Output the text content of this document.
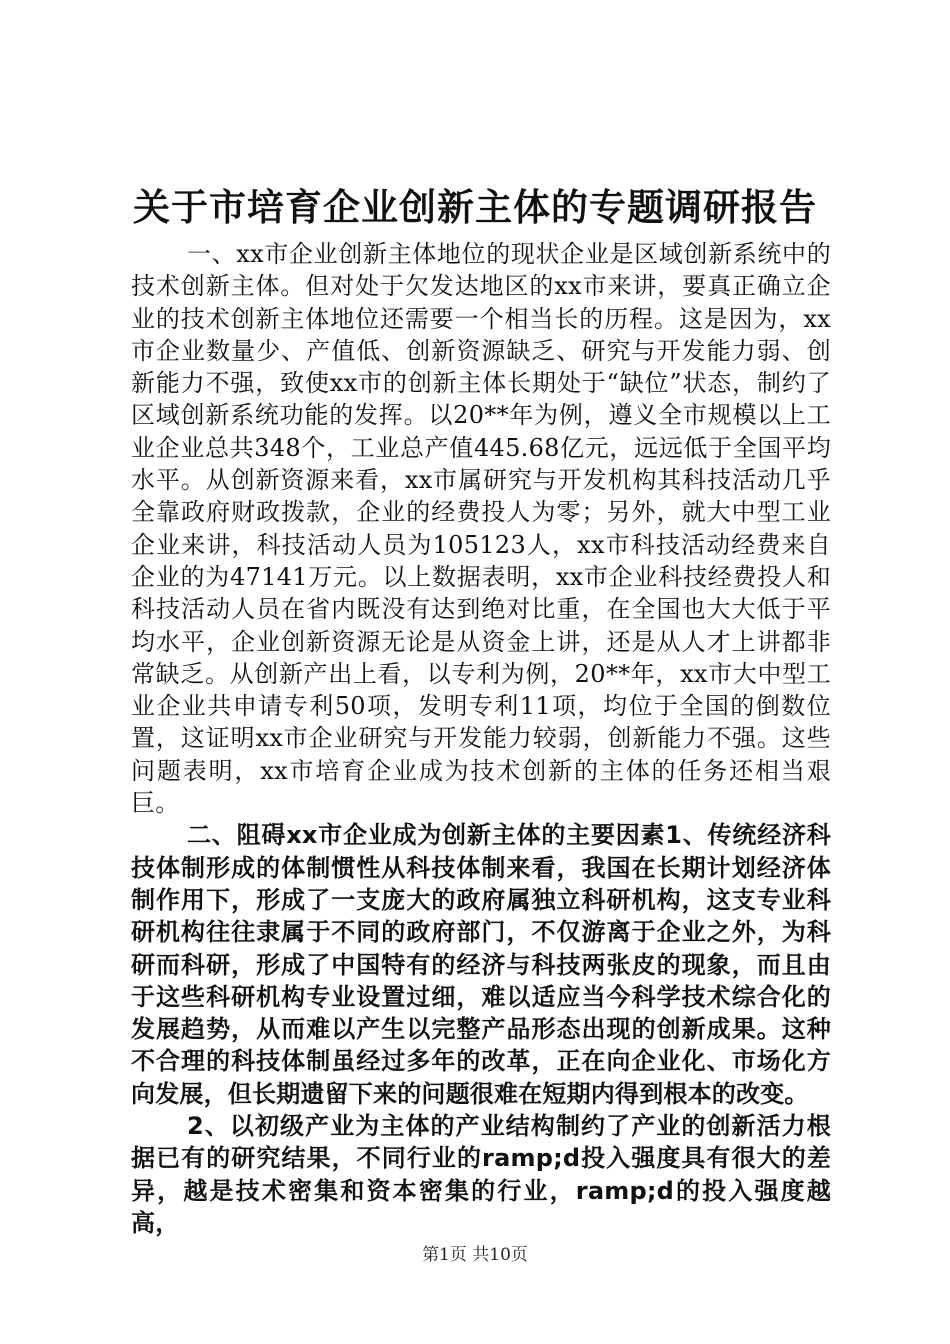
关于市培育企业创新主体的专题调研报告

一、xx市企业创新主体地位的现状企业是区域创新系统中的技术创新主体。但对处于欠发达地区的xx市来讲，要真正确立企业的技术创新主体地位还需要一个相当长的历程。这是因为，xx市企业数量少、产值低、创新资源缺乏、研究与开发能力弱、创新能力不强，致使xx市的创新主体长期处于“缺位”状态，制约了区域创新系统功能的发挥。以20**年为例，遵义全市规模以上工业企业总共348个，工业总产值445.68亿元，远远低于全国平均水平。从创新资源来看，xx市属研究与开发机构其科技活动几乎全靠政府财政拨款，企业的经费投人为零；另外，就大中型工业企业来讲，科技活动人员为105123人，xx市科技活动经费来自企业的为47141万元。以上数据表明，xx市企业科技经费投人和科技活动人员在省内既没有达到绝对比重，在全国也大大低于平均水平，企业创新资源无论是从资金上讲，还是从人才上讲都非常缺乏。从创新产出上看，以专利为例，20**年，xx市大中型工业企业共申请专利50项，发明专利11项，均位于全国的倒数位置，这证明xx市企业研究与开发能力较弱，创新能力不强。这些问题表明，xx市培育企业成为技术创新的主体的任务还相当艰巨。

二、阻碍xx市企业成为创新主体的主要因素1、传统经济科技体制形成的体制惯性从科技体制来看，我国在长期计划经济体制作用下，形成了一支庞大的政府属独立科研机构，这支专业科研机构往往隶属于不同的政府部门，不仅游离于企业之外，为科研而科研，形成了中国特有的经济与科技两张皮的现象，而且由于这些科研机构专业设置过细，难以适应当今科学技术综合化的发展趋势，从而难以产生以完整产品形态出现的创新成果。这种不合理的科技体制虽经过多年的改革，正在向企业化、市场化方向发展，但长期遗留下来的问题很难在短期内得到根本的改变。

2、以初级产业为主体的产业结构制约了产业的创新活力根据已有的研究结果，不同行业的ramp;d投入强度具有很大的差异，越是技术密集和资本密集的行业，ramp;d的投入强度越高，

第1页 共10页
